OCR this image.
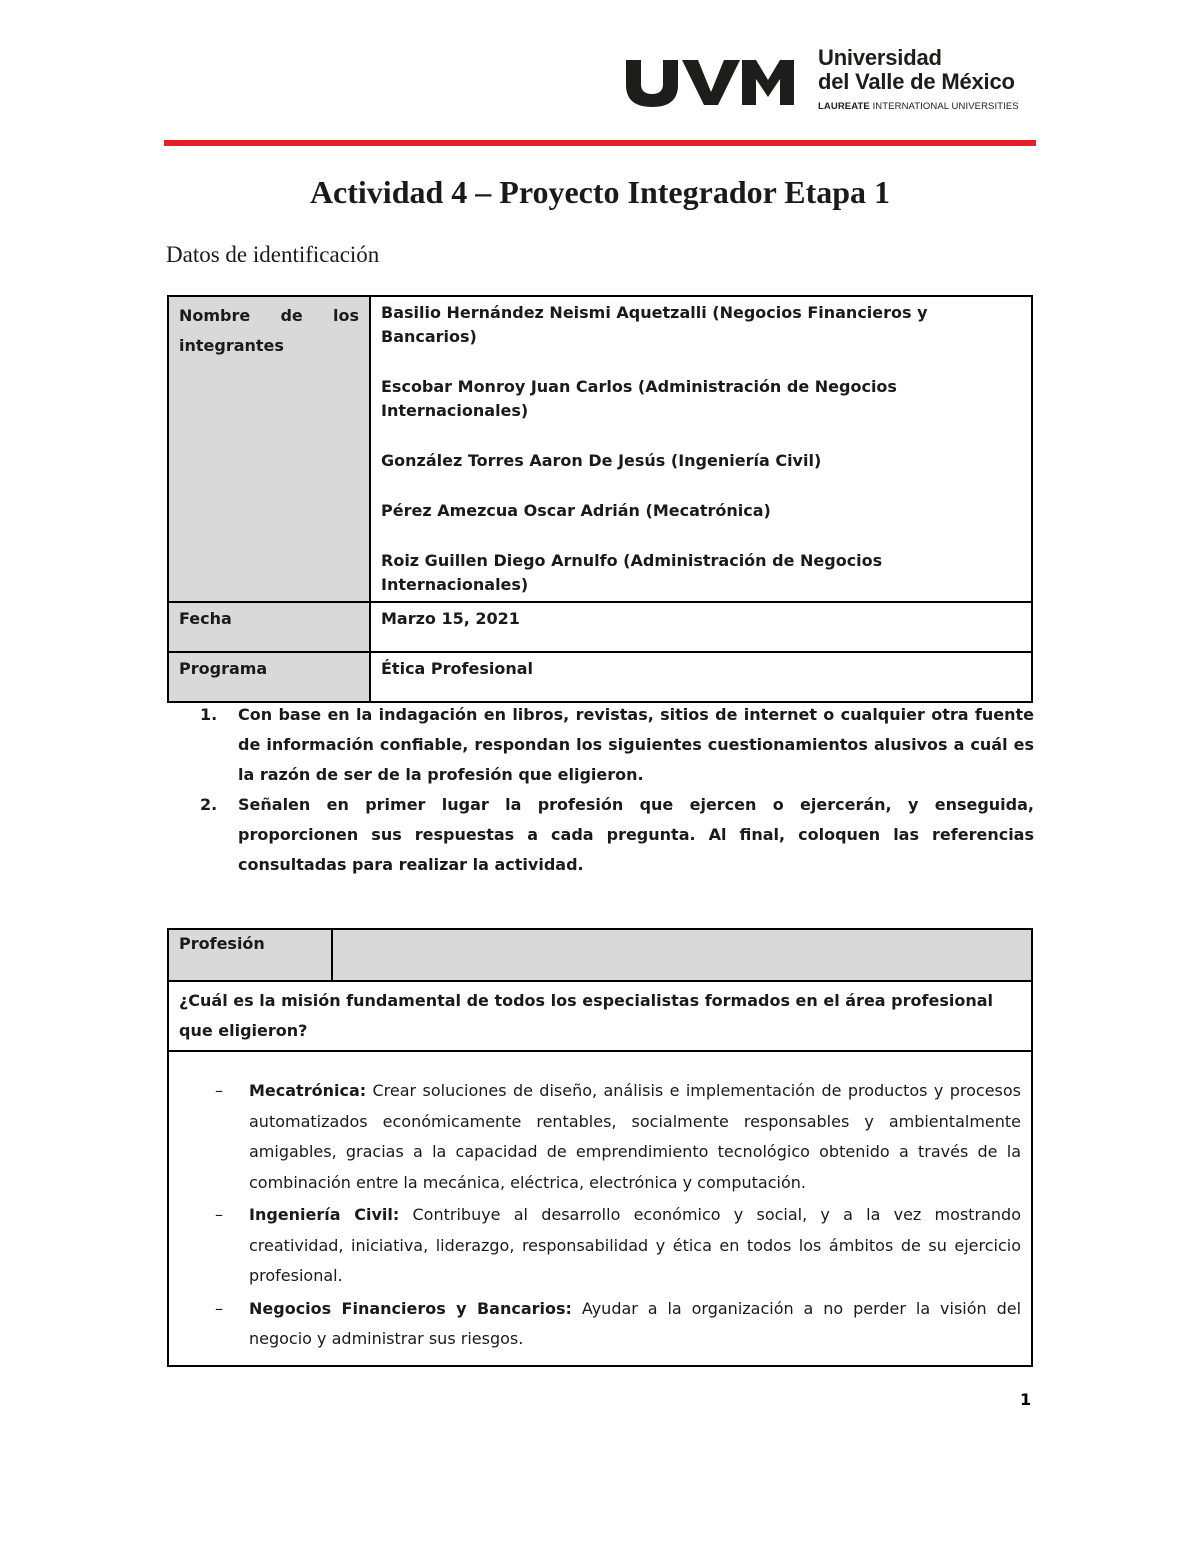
Universidad
del Valle de México
LAUREATE INTERNATIONAL UNIVERSITIES
Actividad 4 – Proyecto Integrador Etapa 1
Datos de identificación
Nombre de los integrantes	Basilio Hernández Neismi Aquetzalli (Negocios Financieros y Bancarios)
Escobar Monroy Juan Carlos (Administración de Negocios Internacionales)
González Torres Aaron De Jesús (Ingeniería Civil)
Pérez Amezcua Oscar Adrián (Mecatrónica)
Roiz Guillen Diego Arnulfo (Administración de Negocios Internacionales)

Fecha	Marzo 15, 2021
Programa	Ética Profesional
1. Con base en la indagación en libros, revistas, sitios de internet o cualquier otra fuente de información confiable, respondan los siguientes cuestionamientos alusivos a cuál es la razón de ser de la profesión que eligieron.
2. Señalen en primer lugar la profesión que ejercen o ejercerán, y enseguida, proporcionen sus respuestas a cada pregunta. Al final, coloquen las referencias consultadas para realizar la actividad.
Profesión	
¿Cuál es la misión fundamental de todos los especialistas formados en el área profesional que eligieron?

– Mecatrónica: Crear soluciones de diseño, análisis e implementación de productos y procesos automatizados económicamente rentables, socialmente responsables y ambientalmente amigables, gracias a la capacidad de emprendimiento tecnológico obtenido a través de la combinación entre la mecánica, eléctrica, electrónica y computación.
– Ingeniería Civil: Contribuye al desarrollo económico y social, y a la vez mostrando creatividad, iniciativa, liderazgo, responsabilidad y ética en todos los ámbitos de su ejercicio profesional.
– Negocios Financieros y Bancarios: Ayudar a la organización a no perder la visión del negocio y administrar sus riesgos.
1
